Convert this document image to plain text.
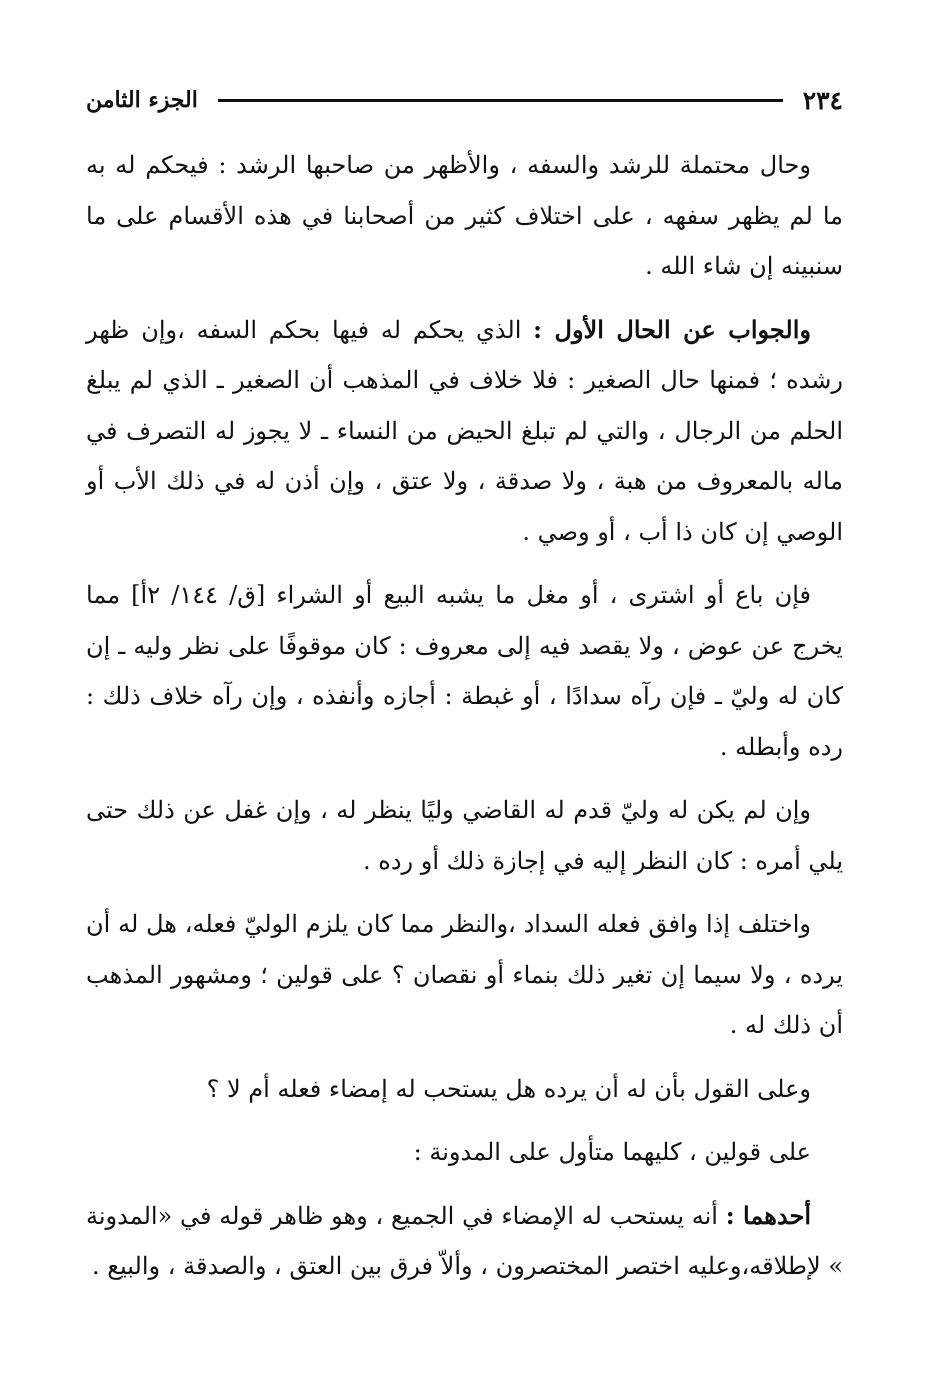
٢٣٤
الجزء الثامن

وحال محتملة للرشد والسفه ، والأظهر من صاحبها الرشد : فيحكم له به ما لم يظهر سفهه ، على اختلاف كثير من أصحابنا في هذه الأقسام على ما سنبينه إن شاء الله .

والجواب عن الحال الأول : الذي يحكم له فيها بحكم السفه ،وإن ظهر رشده ؛ فمنها حال الصغير : فلا خلاف في المذهب أن الصغير ـ الذي لم يبلغ الحلم من الرجال ، والتي لم تبلغ الحيض من النساء ـ لا يجوز له التصرف في ماله بالمعروف من هبة ، ولا صدقة ، ولا عتق ، وإن أذن له في ذلك الأب أو الوصي إن كان ذا أب ، أو وصي .

فإن باع أو اشترى ، أو مغل ما يشبه البيع أو الشراء [ق/ ١٤٤/ ٢أ] مما يخرج عن عوض ، ولا يقصد فيه إلى معروف : كان موقوفًا على نظر وليه ـ إن كان له وليّ ـ فإن رآه سدادًا ، أو غبطة : أجازه وأنفذه ، وإن رآه خلاف ذلك : رده وأبطله .

وإن لم يكن له وليّ قدم له القاضي وليًا ينظر له ، وإن غفل عن ذلك حتى يلي أمره : كان النظر إليه في إجازة ذلك أو رده .

واختلف إذا وافق فعله السداد ،والنظر مما كان يلزم الوليّ فعله، هل له أن يرده ، ولا سيما إن تغير ذلك بنماء أو نقصان ؟ على قولين ؛ ومشهور المذهب أن ذلك له .

وعلى القول بأن له أن يرده هل يستحب له إمضاء فعله أم لا ؟

على قولين ، كليهما متأول على المدونة :

أحدهما : أنه يستحب له الإمضاء في الجميع ، وهو ظاهر قوله في «المدونة » لإطلاقه،وعليه اختصر المختصرون ، وألاّ فرق بين العتق ، والصدقة ، والبيع .
